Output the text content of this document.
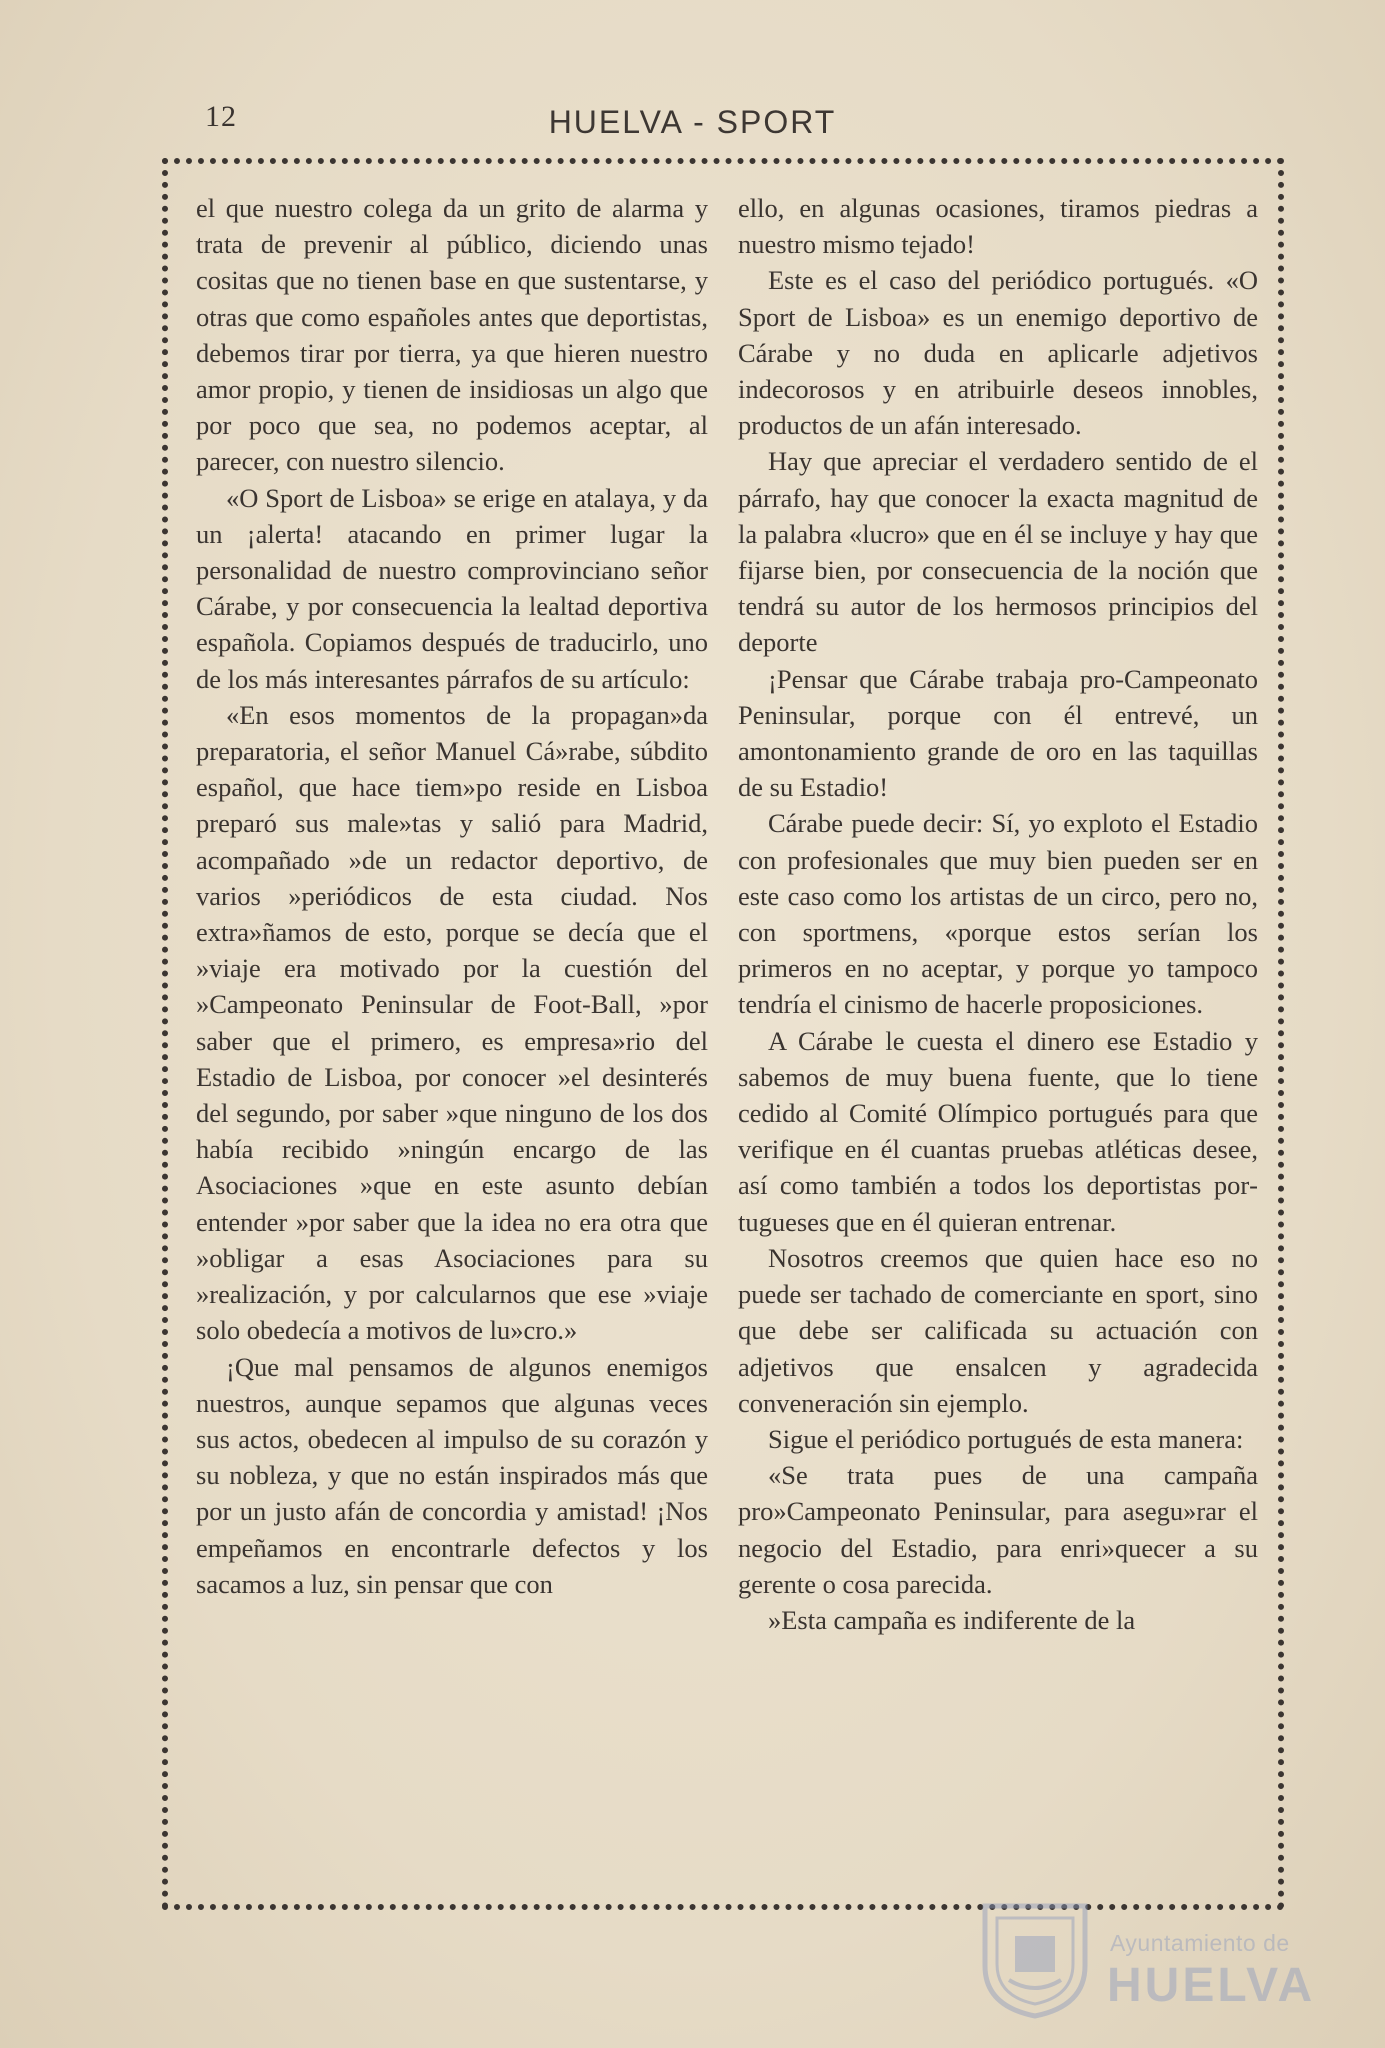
12	HUELVA - SPORT

el que nuestro colega da un grito de alarma y trata de prevenir al público, diciendo unas cositas que no tienen base en que sustentarse, y otras que como españoles antes que deportistas, debemos tirar por tierra, ya que hieren nuestro amor propio, y tienen de insidiosas un algo que por poco que sea, no podemos aceptar, al parecer, con nuestro silencio.

«O Sport de Lisboa» se erige en atalaya, y da un ¡alerta! atacando en primer lugar la personalidad de nuestro comprovinciano señor Cárabe, y por consecuencia la lealtad deportiva española. Copiamos después de traducirlo, uno de los más interesantes párrafos de su artículo:

«En esos momentos de la propagan»da preparatoria, el señor Manuel Cá»rabe, súbdito español, que hace tiem»po reside en Lisboa preparó sus male»tas y salió para Madrid, acompañado »de un redactor deportivo, de varios »periódicos de esta ciudad. Nos extra»ñamos de esto, porque se decía que el »viaje era motivado por la cuestión del »Campeonato Peninsular de Foot-Ball, »por saber que el primero, es empresa»rio del Estadio de Lisboa, por conocer »el desinterés del segundo, por saber »que ninguno de los dos había recibido »ningún encargo de las Asociaciones »que en este asunto debían entender »por saber que la idea no era otra que »obligar a esas Asociaciones para su »realización, y por calcularnos que ese »viaje solo obedecía a motivos de lu»cro.»

¡Que mal pensamos de algunos enemigos nuestros, aunque sepamos que algunas veces sus actos, obedecen al impulso de su corazón y su nobleza, y que no están inspirados más que por un justo afán de concordia y amistad! ¡Nos empeñamos en encontrarle defectos y los sacamos a luz, sin pensar que con

ello, en algunas ocasiones, tiramos piedras a nuestro mismo tejado!

Este es el caso del periódico portugués. «O Sport de Lisboa» es un enemigo deportivo de Cárabe y no duda en aplicarle adjetivos indecorosos y en atribuirle deseos innobles, productos de un afán interesado.

Hay que apreciar el verdadero sentido de el párrafo, hay que conocer la exacta magnitud de la palabra «lucro» que en él se incluye y hay que fijarse bien, por consecuencia de la noción que tendrá su autor de los hermosos principios del deporte

¡Pensar que Cárabe trabaja pro-Campeonato Peninsular, porque con él entrevé, un amontonamiento grande de oro en las taquillas de su Estadio!

Cárabe puede decir: Sí, yo exploto el Estadio con profesionales que muy bien pueden ser en este caso como los artistas de un circo, pero no, con sportmens, «porque estos serían los primeros en no aceptar, y porque yo tampoco tendría el cinismo de hacerle proposiciones.

A Cárabe le cuesta el dinero ese Estadio y sabemos de muy buena fuente, que lo tiene cedido al Comité Olímpico portugués para que verifique en él cuantas pruebas atléticas desee, así como también a todos los deportistas portugueses que en él quieran entrenar.

Nosotros creemos que quien hace eso no puede ser tachado de comerciante en sport, sino que debe ser calificada su actuación con adjetivos que ensalcen y agradecida conveneración sin ejemplo.

Sigue el periódico portugués de esta manera:

«Se trata pues de una campaña pro»Campeonato Peninsular, para asegu»rar el negocio del Estadio, para enri»quecer a su gerente o cosa parecida.

»Esta campaña es indiferente de la

Ayuntamiento de
HUELVA
